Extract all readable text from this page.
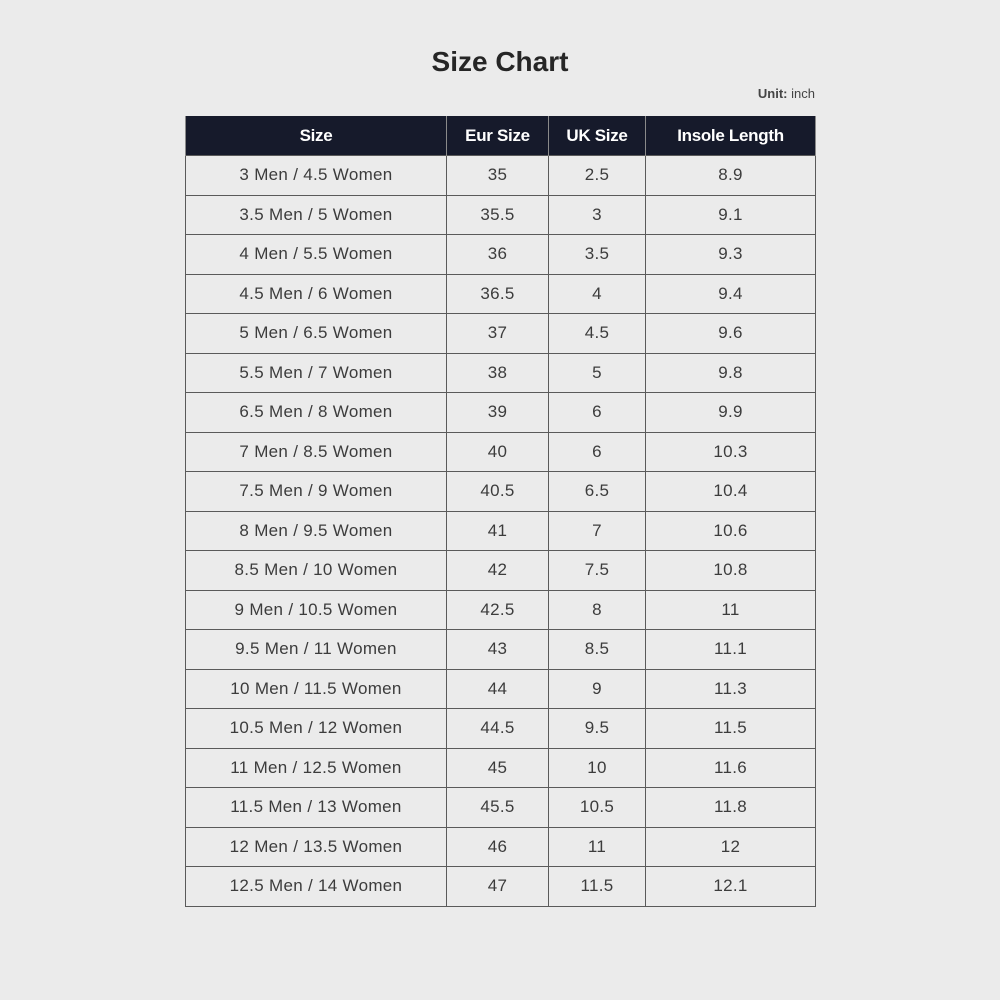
Size Chart
Unit: inch
Size	Eur Size	UK Size	Insole Length
3 Men / 4.5 Women	35	2.5	8.9
3.5 Men / 5 Women	35.5	3	9.1
4 Men / 5.5 Women	36	3.5	9.3
4.5 Men / 6 Women	36.5	4	9.4
5 Men / 6.5 Women	37	4.5	9.6
5.5 Men / 7 Women	38	5	9.8
6.5 Men / 8 Women	39	6	9.9
7 Men / 8.5 Women	40	6	10.3
7.5 Men / 9 Women	40.5	6.5	10.4
8 Men / 9.5 Women	41	7	10.6
8.5 Men / 10 Women	42	7.5	10.8
9 Men / 10.5 Women	42.5	8	11
9.5 Men / 11 Women	43	8.5	11.1
10 Men / 11.5 Women	44	9	11.3
10.5 Men / 12 Women	44.5	9.5	11.5
11 Men / 12.5 Women	45	10	11.6
11.5 Men / 13 Women	45.5	10.5	11.8
12 Men / 13.5 Women	46	11	12
12.5 Men / 14 Women	47	11.5	12.1
